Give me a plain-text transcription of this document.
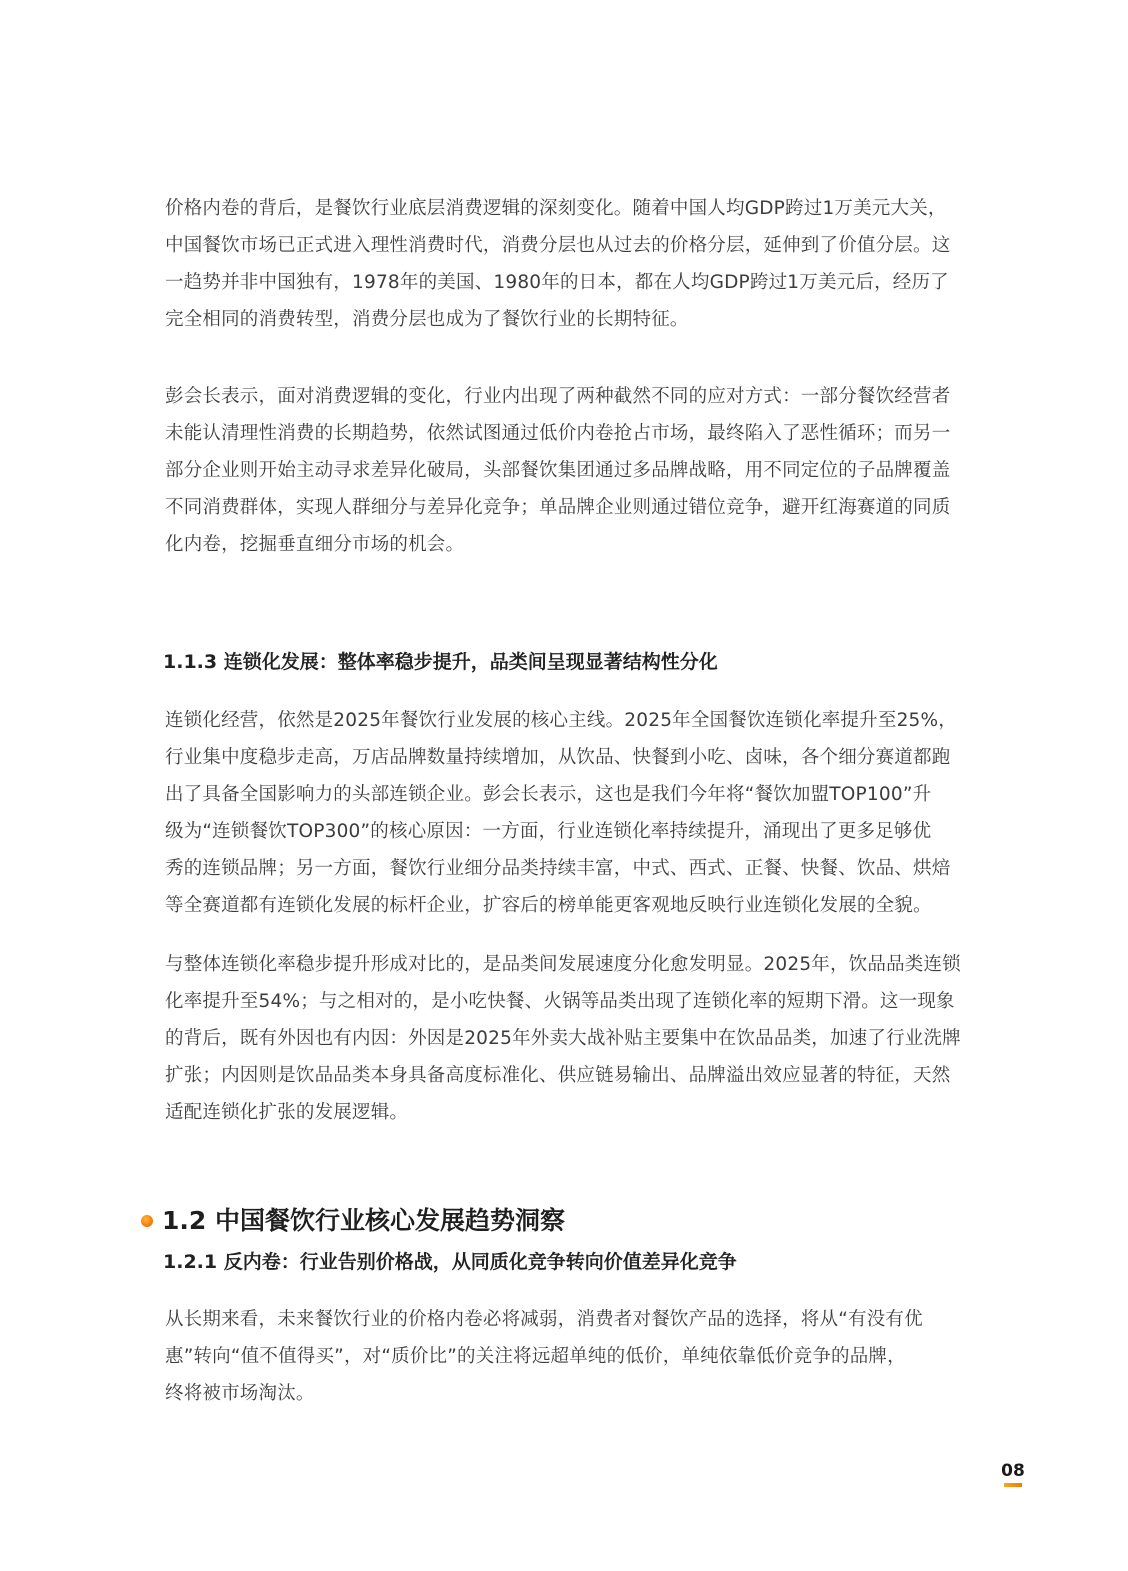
价格内卷的背后，是餐饮行业底层消费逻辑的深刻变化。随着中国人均GDP跨过1万美元大关，
中国餐饮市场已正式进入理性消费时代，消费分层也从过去的价格分层，延伸到了价值分层。这
一趋势并非中国独有，1978年的美国、1980年的日本，都在人均GDP跨过1万美元后，经历了
完全相同的消费转型，消费分层也成为了餐饮行业的长期特征。
彭会长表示，面对消费逻辑的变化，行业内出现了两种截然不同的应对方式：一部分餐饮经营者
未能认清理性消费的长期趋势，依然试图通过低价内卷抢占市场，最终陷入了恶性循环；而另一
部分企业则开始主动寻求差异化破局，头部餐饮集团通过多品牌战略，用不同定位的子品牌覆盖
不同消费群体，实现人群细分与差异化竞争；单品牌企业则通过错位竞争，避开红海赛道的同质
化内卷，挖掘垂直细分市场的机会。
1.1.3 连锁化发展：整体率稳步提升，品类间呈现显著结构性分化
连锁化经营，依然是2025年餐饮行业发展的核心主线。2025年全国餐饮连锁化率提升至25%，
行业集中度稳步走高，万店品牌数量持续增加，从饮品、快餐到小吃、卤味，各个细分赛道都跑
出了具备全国影响力的头部连锁企业。彭会长表示，这也是我们今年将“餐饮加盟TOP100”升
级为“连锁餐饮TOP300”的核心原因：一方面，行业连锁化率持续提升，涌现出了更多足够优
秀的连锁品牌；另一方面，餐饮行业细分品类持续丰富，中式、西式、正餐、快餐、饮品、烘焙
等全赛道都有连锁化发展的标杆企业，扩容后的榜单能更客观地反映行业连锁化发展的全貌。
与整体连锁化率稳步提升形成对比的，是品类间发展速度分化愈发明显。2025年，饮品品类连锁
化率提升至54%；与之相对的，是小吃快餐、火锅等品类出现了连锁化率的短期下滑。这一现象
的背后，既有外因也有内因：外因是2025年外卖大战补贴主要集中在饮品品类，加速了行业洗牌
扩张；内因则是饮品品类本身具备高度标准化、供应链易输出、品牌溢出效应显著的特征，天然
适配连锁化扩张的发展逻辑。
1.2 中国餐饮行业核心发展趋势洞察
1.2.1 反内卷：行业告别价格战，从同质化竞争转向价值差异化竞争
从长期来看，未来餐饮行业的价格内卷必将减弱，消费者对餐饮产品的选择，将从“有没有优
惠”转向“值不值得买”，对“质价比”的关注将远超单纯的低价，单纯依靠低价竞争的品牌，
终将被市场淘汰。
08
